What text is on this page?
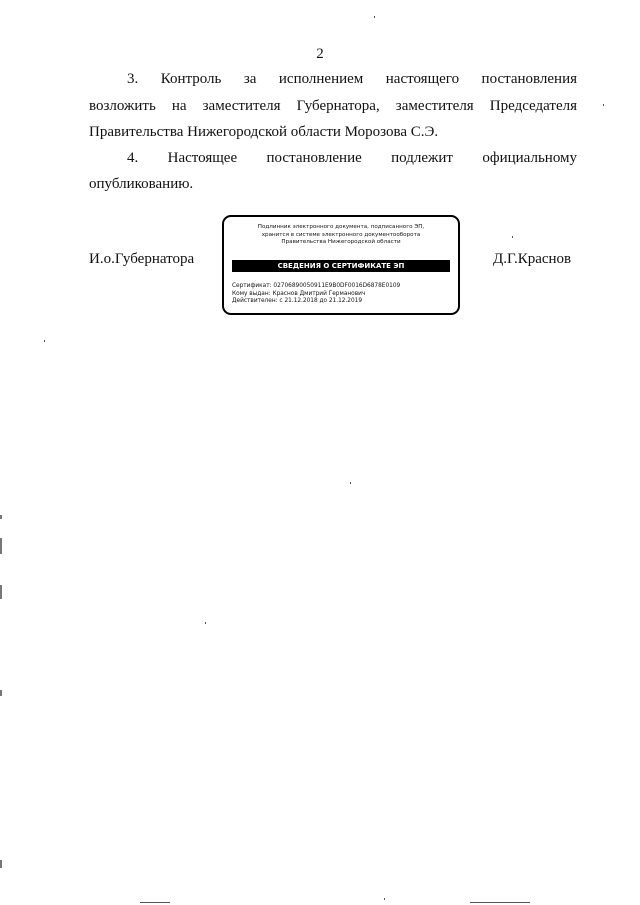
2
3. Контроль за исполнением настоящего постановления
возложить на заместителя Губернатора, заместителя Председателя
Правительства Нижегородской области Морозова С.Э.
4. Настоящее постановление подлежит официальному
опубликованию.
И.о.Губернатора	Д.Г.Краснов
Подлинник электронного документа, подписанного ЭП,
хранится в системе электронного документооборота
Правительства Нижегородской области
СВЕДЕНИЯ О СЕРТИФИКАТЕ ЭП
Сертификат: 02706890050911E9B0DF0016D6878E0109
Кому выдан: Краснов Дмитрий Германович
Действителен: с 21.12.2018 до 21.12.2019
